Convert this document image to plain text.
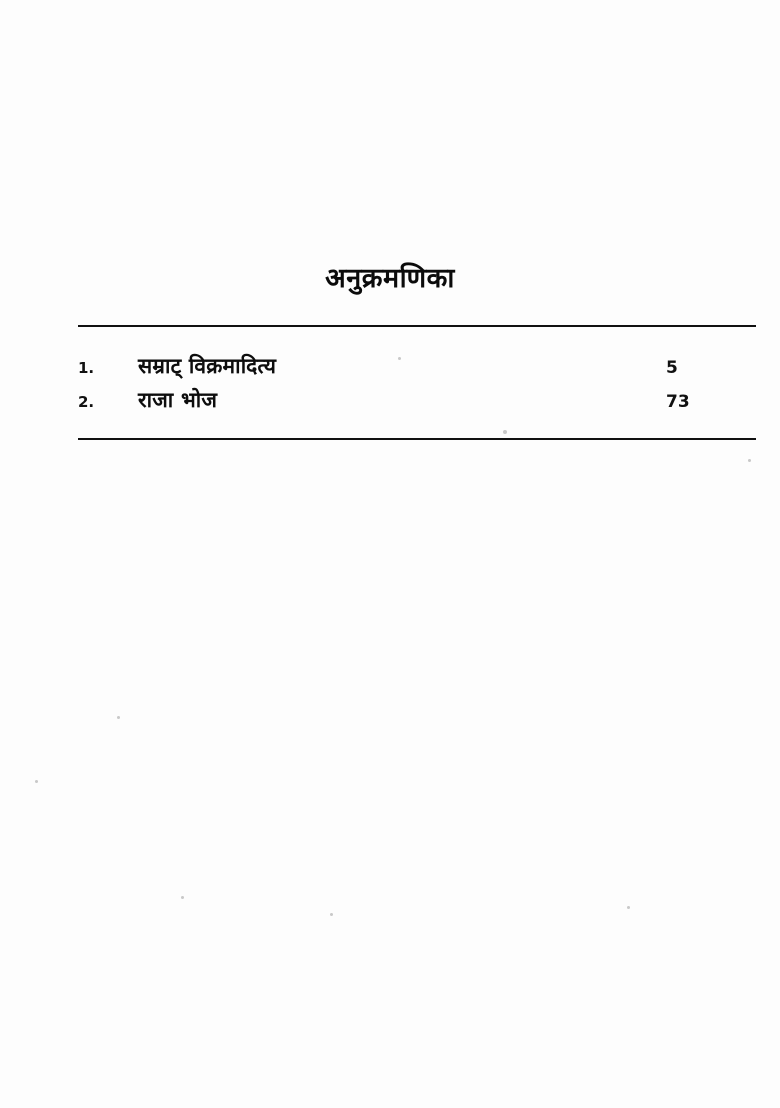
अनुक्रमणिका
1.	सम्राट् विक्रमादित्य	5
2.	राजा भोज	73
